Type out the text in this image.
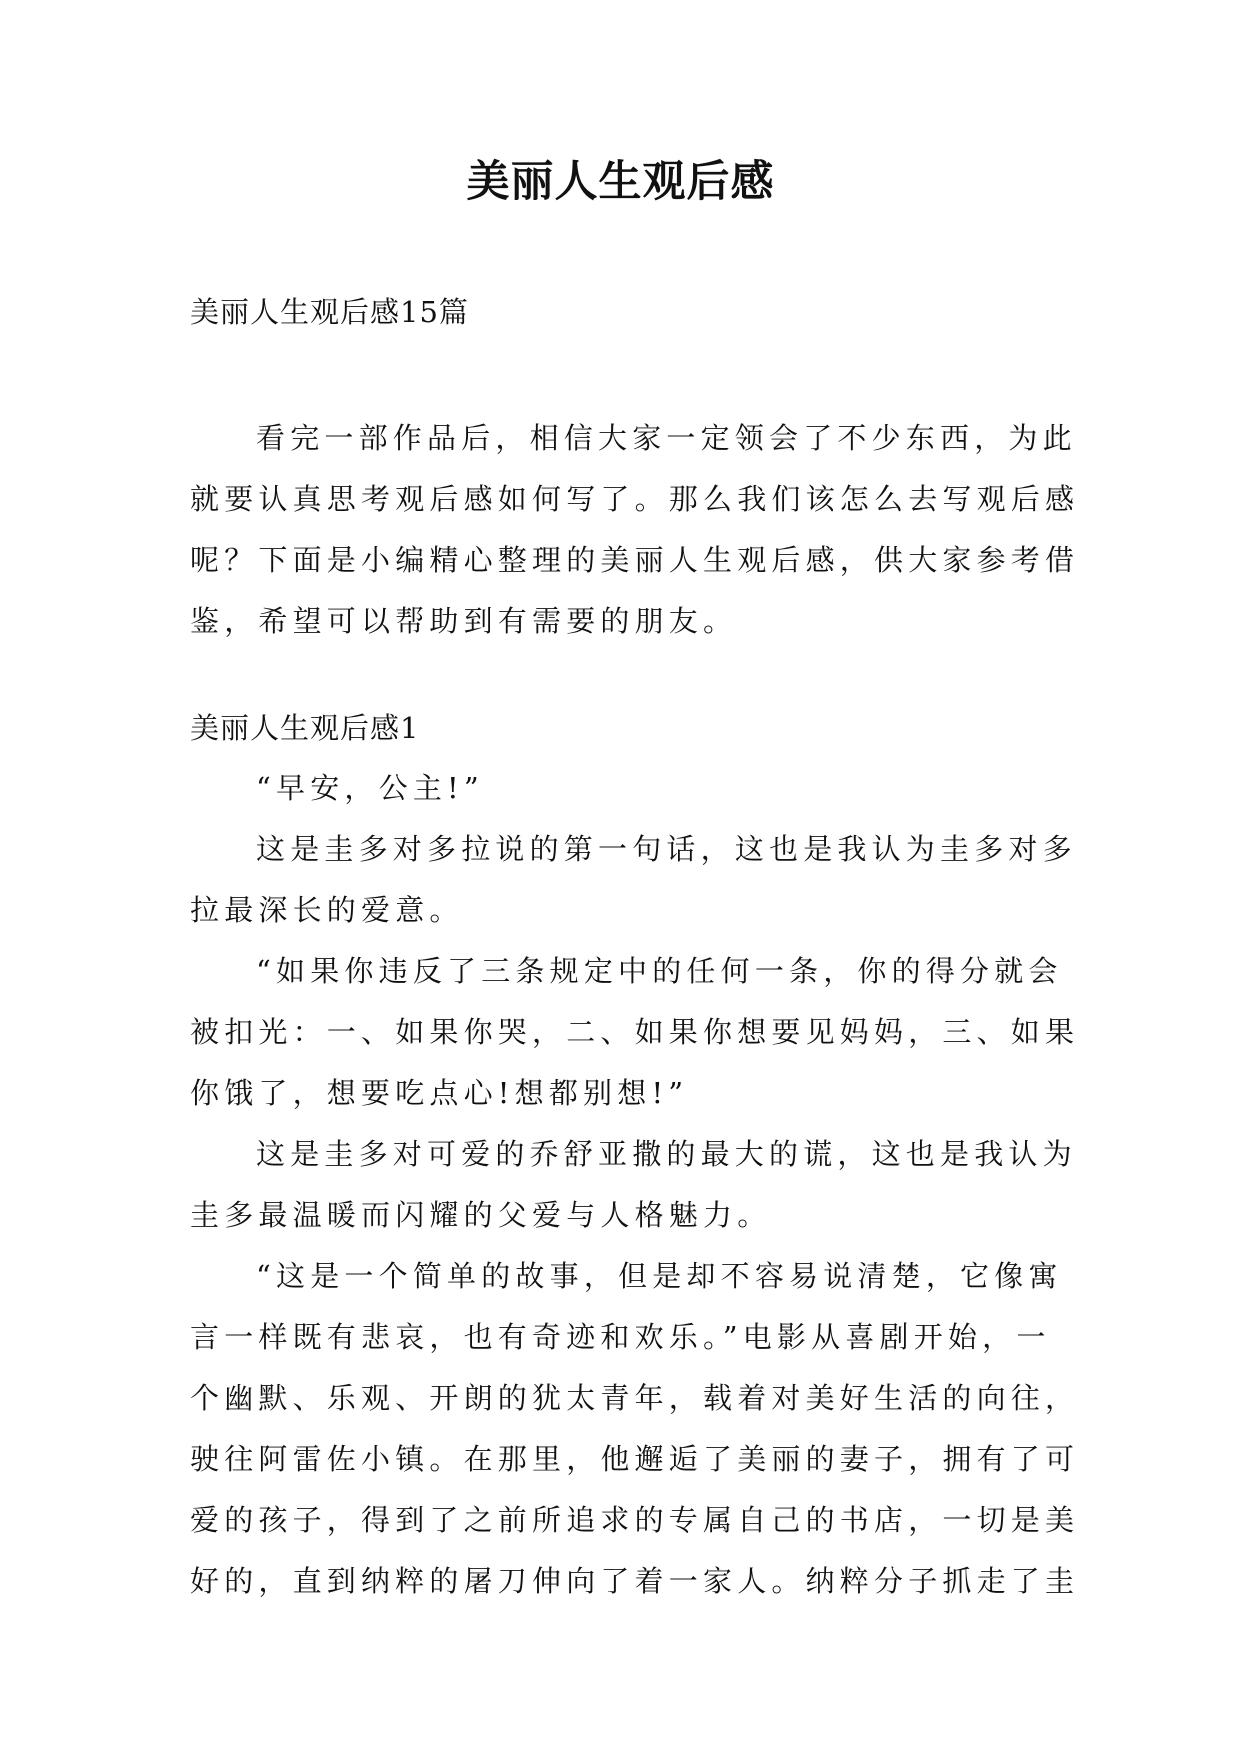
美丽人生观后感

美丽人生观后感15篇

看完一部作品后，相信大家一定领会了不少东西，为此
就要认真思考观后感如何写了。那么我们该怎么去写观后感
呢？下面是小编精心整理的美丽人生观后感，供大家参考借
鉴，希望可以帮助到有需要的朋友。

美丽人生观后感1

“早安，公主!”
这是圭多对多拉说的第一句话，这也是我认为圭多对多
拉最深长的爱意。
“如果你违反了三条规定中的任何一条，你的得分就会
被扣光：一、如果你哭，二、如果你想要见妈妈，三、如果
你饿了，想要吃点心!想都别想!”
这是圭多对可爱的乔舒亚撒的最大的谎，这也是我认为
圭多最温暖而闪耀的父爱与人格魅力。
“这是一个简单的故事，但是却不容易说清楚，它像寓
言一样既有悲哀，也有奇迹和欢乐。”电影从喜剧开始，一
个幽默、乐观、开朗的犹太青年，载着对美好生活的向往，
驶往阿雷佐小镇。在那里，他邂逅了美丽的妻子，拥有了可
爱的孩子，得到了之前所追求的专属自己的书店，一切是美
好的，直到纳粹的屠刀伸向了着一家人。纳粹分子抓走了圭
